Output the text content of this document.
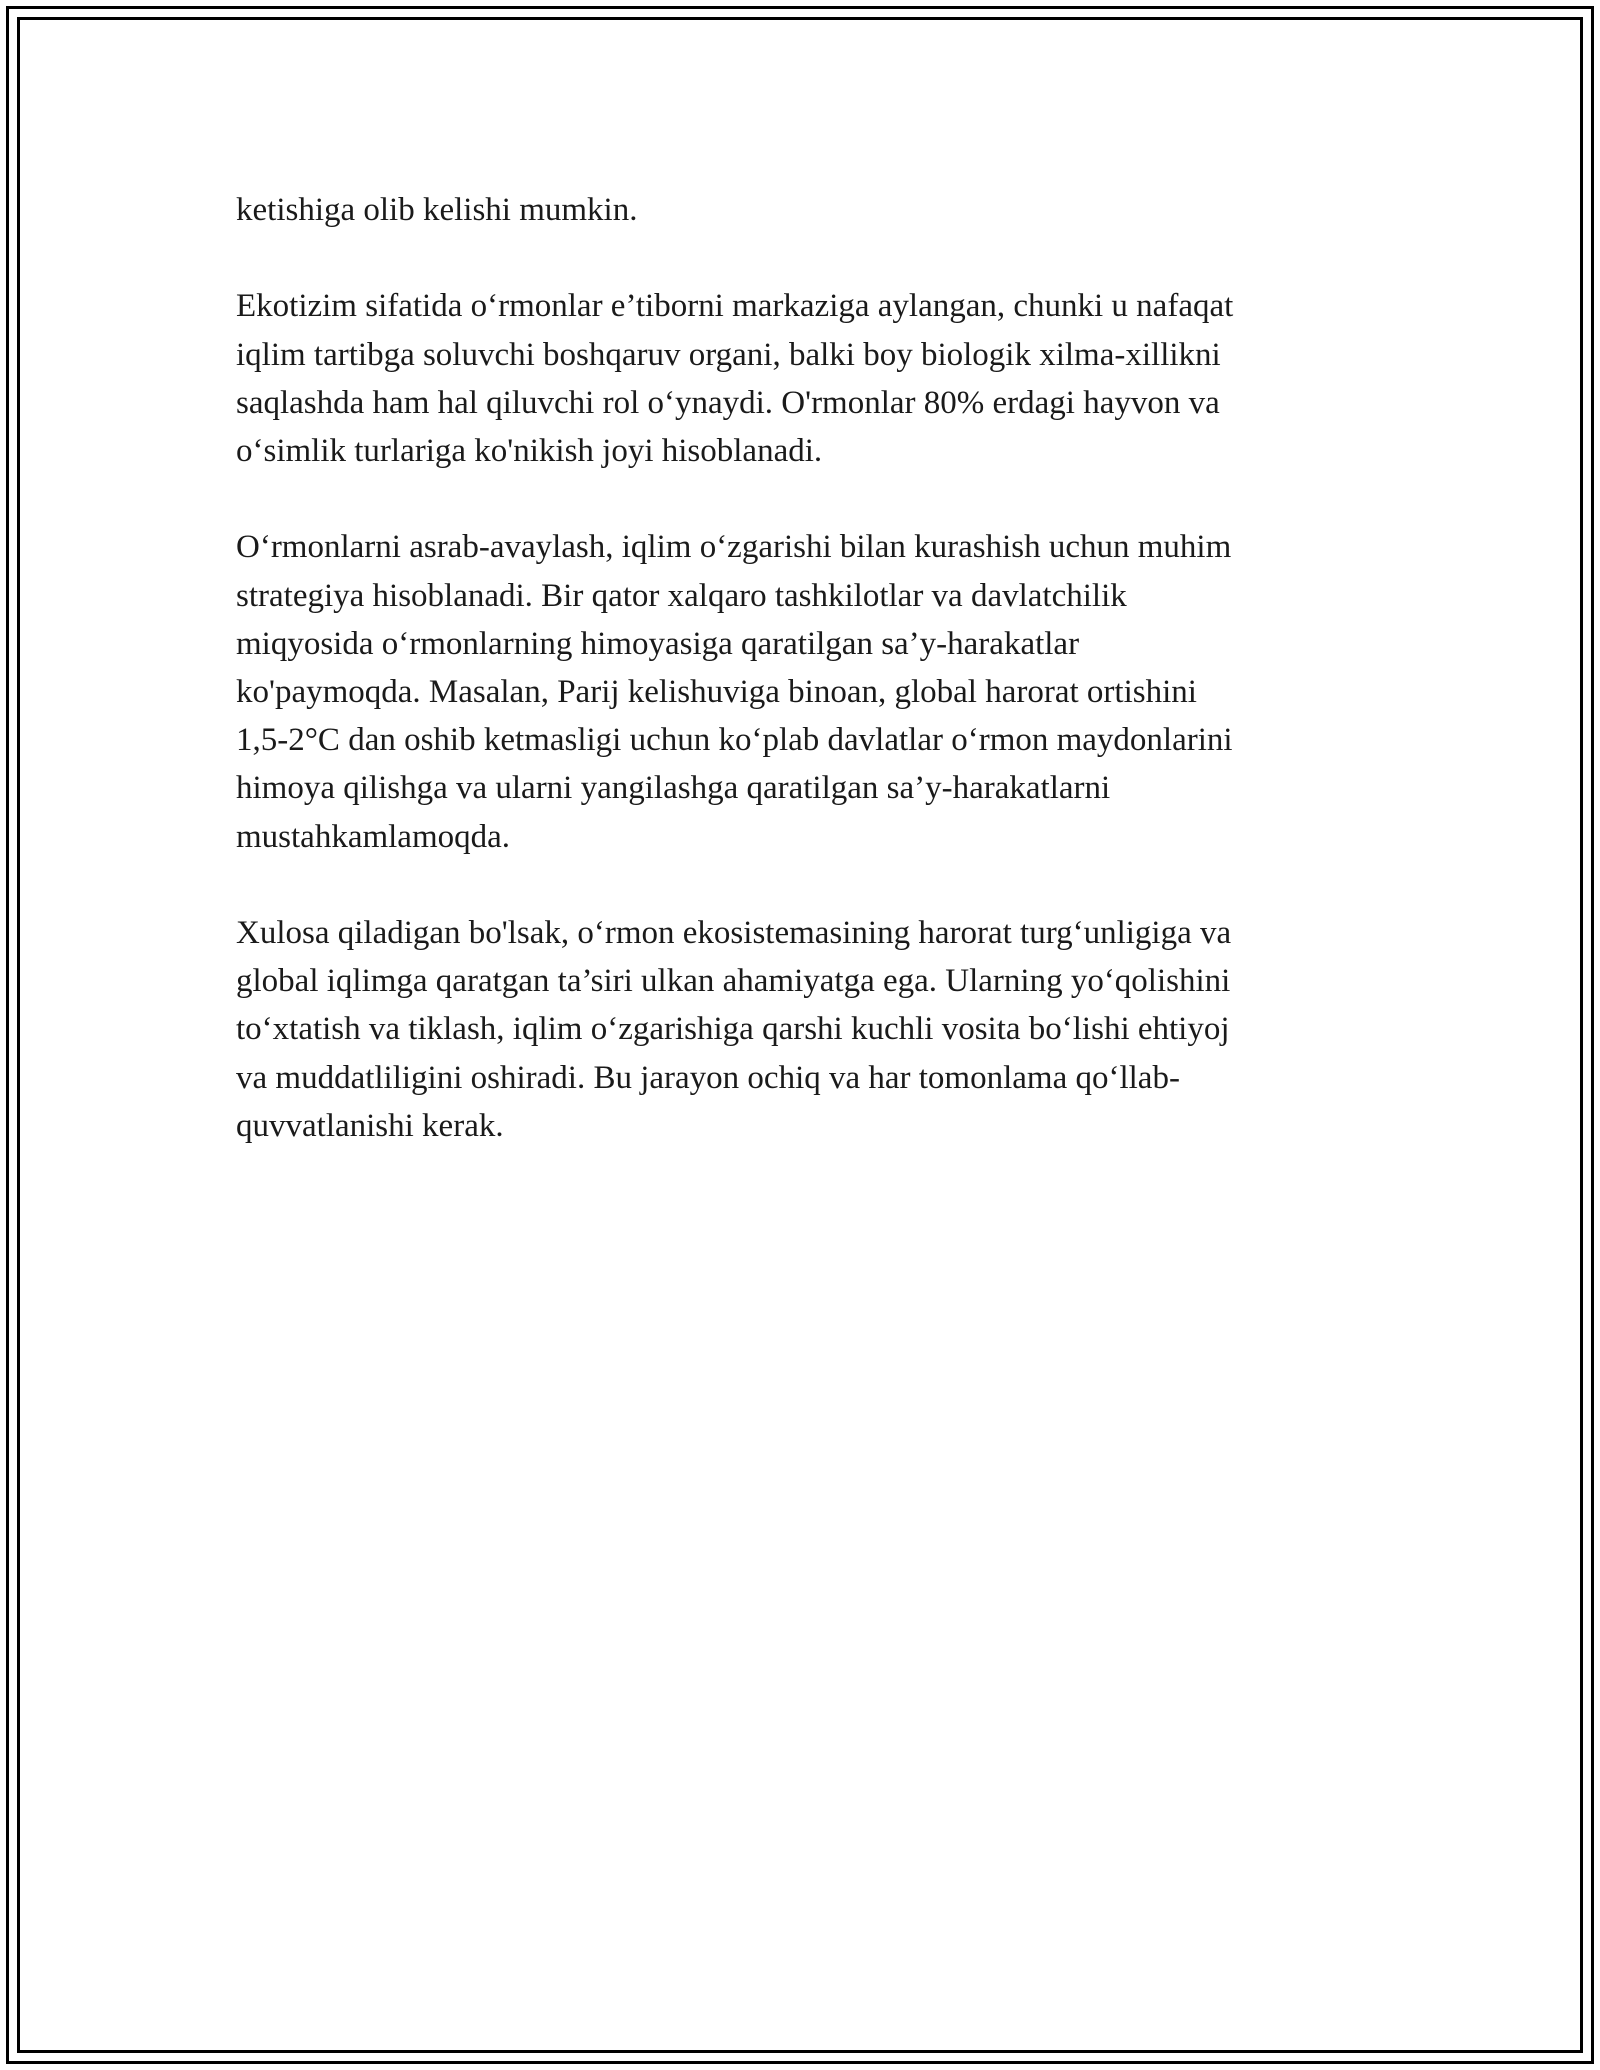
ketishiga olib kelishi mumkin.

Ekotizim sifatida o‘rmonlar e’tiborni markaziga aylangan, chunki u nafaqat
iqlim tartibga soluvchi boshqaruv organi, balki boy biologik xilma-xillikni
saqlashda ham hal qiluvchi rol o‘ynaydi. O'rmonlar 80% erdagi hayvon va
o‘simlik turlariga ko'nikish joyi hisoblanadi.

O‘rmonlarni asrab-avaylash, iqlim o‘zgarishi bilan kurashish uchun muhim
strategiya hisoblanadi. Bir qator xalqaro tashkilotlar va davlatchilik
miqyosida o‘rmonlarning himoyasiga qaratilgan sa’y-harakatlar
ko'paymoqda. Masalan, Parij kelishuviga binoan, global harorat ortishini
1,5-2°C dan oshib ketmasligi uchun ko‘plab davlatlar o‘rmon maydonlarini
himoya qilishga va ularni yangilashga qaratilgan sa’y-harakatlarni
mustahkamlamoqda.

Xulosa qiladigan bo'lsak, o‘rmon ekosistemasining harorat turg‘unligiga va
global iqlimga qaratgan ta’siri ulkan ahamiyatga ega. Ularning yo‘qolishini
to‘xtatish va tiklash, iqlim o‘zgarishiga qarshi kuchli vosita bo‘lishi ehtiyoj
va muddatliligini oshiradi. Bu jarayon ochiq va har tomonlama qo‘llab-
quvvatlanishi kerak.
